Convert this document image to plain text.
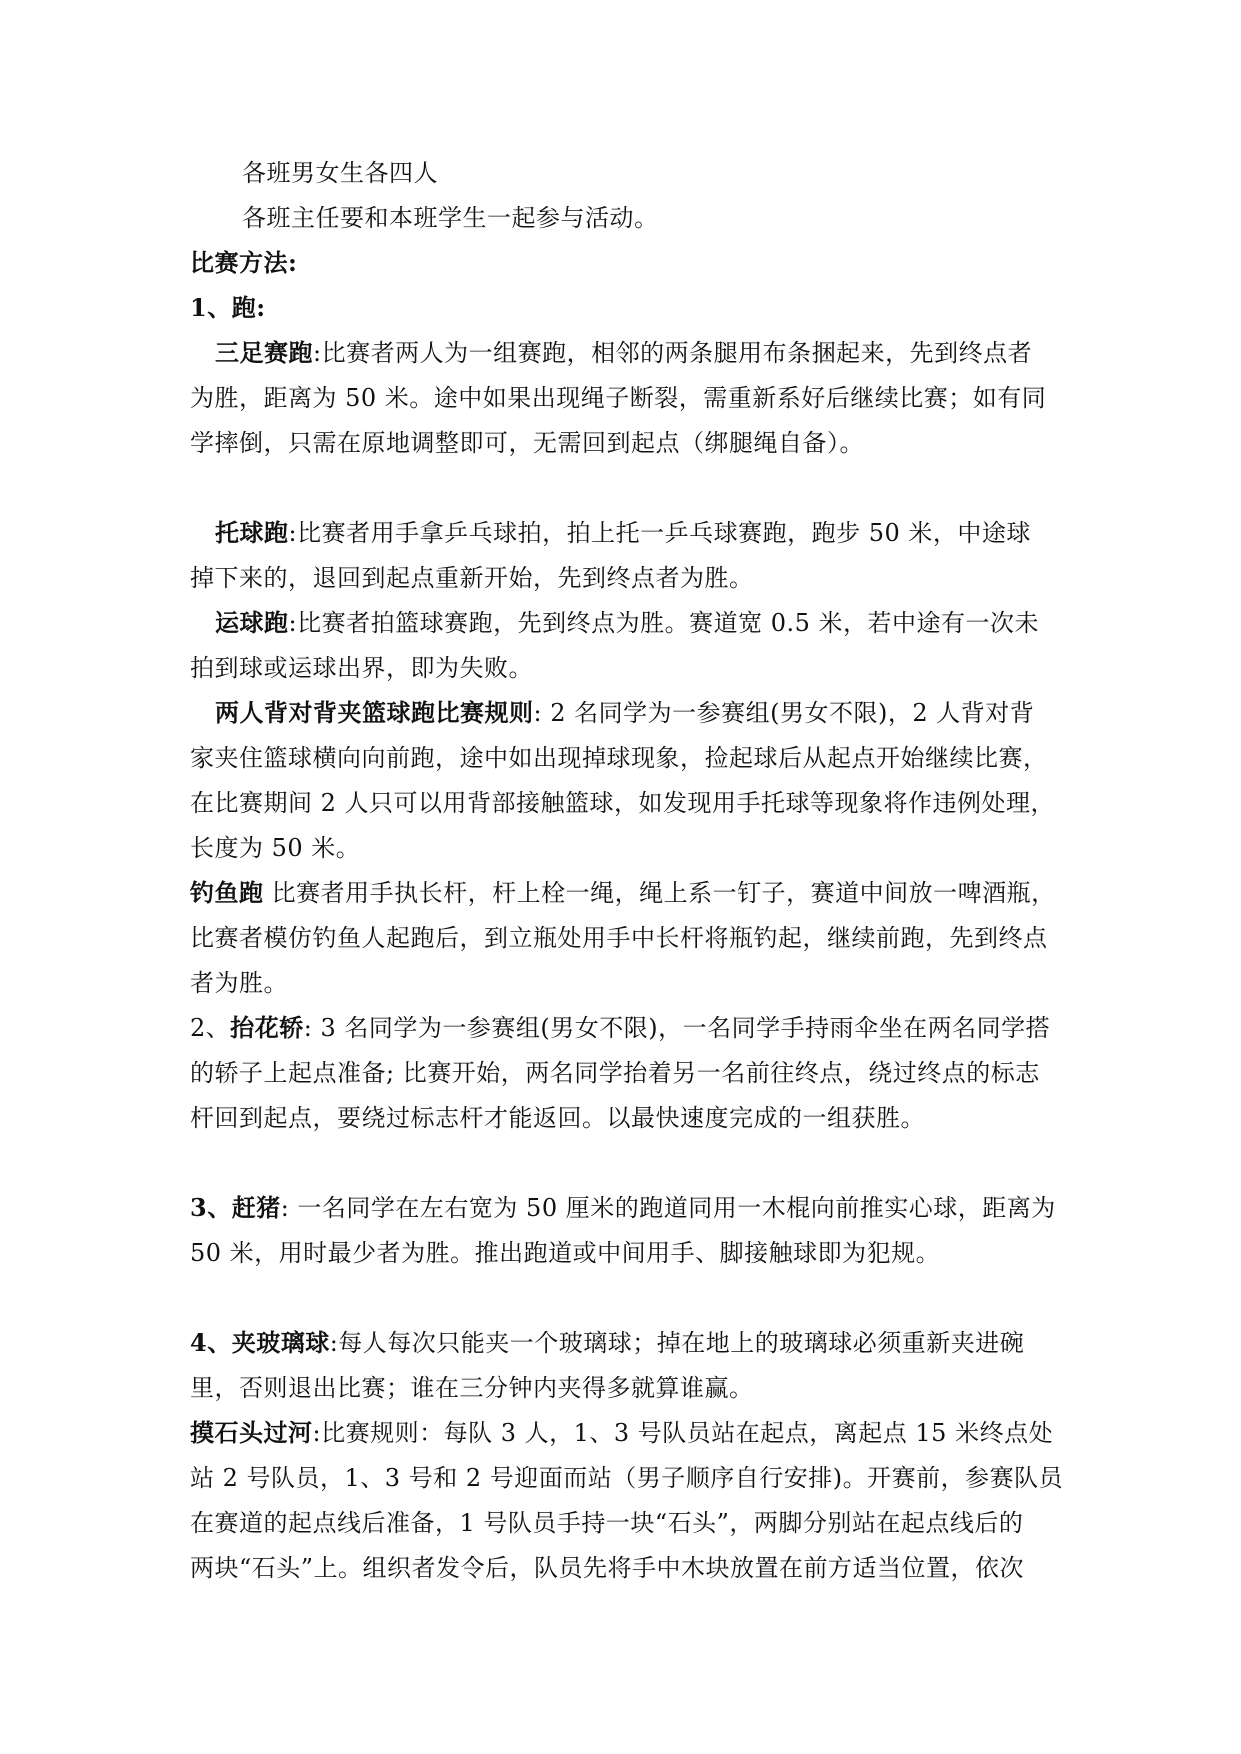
各班男女生各四人
各班主任要和本班学生一起参与活动。
比赛方法:
1、跑:
三足赛跑:比赛者两人为一组赛跑，相邻的两条腿用布条捆起来，先到终点者
为胜，距离为 50 米。途中如果出现绳子断裂，需重新系好后继续比赛；如有同
学摔倒，只需在原地调整即可，无需回到起点（绑腿绳自备）。
托球跑:比赛者用手拿乒乓球拍，拍上托一乒乓球赛跑，跑步 50 米，中途球
掉下来的，退回到起点重新开始，先到终点者为胜。
运球跑:比赛者拍篮球赛跑，先到终点为胜。赛道宽 0.5 米，若中途有一次未
拍到球或运球出界，即为失败。
两人背对背夹篮球跑比赛规则: 2 名同学为一参赛组(男女不限)，2 人背对背
家夹住篮球横向向前跑，途中如出现掉球现象，捡起球后从起点开始继续比赛，
在比赛期间 2 人只可以用背部接触篮球，如发现用手托球等现象将作违例处理，
长度为 50 米。
钓鱼跑 比赛者用手执长杆，杆上栓一绳，绳上系一钉子，赛道中间放一啤酒瓶，
比赛者模仿钓鱼人起跑后，到立瓶处用手中长杆将瓶钓起，继续前跑，先到终点
者为胜。
2、抬花轿: 3 名同学为一参赛组(男女不限)，一名同学手持雨伞坐在两名同学搭
的轿子上起点准备; 比赛开始，两名同学抬着另一名前往终点，绕过终点的标志
杆回到起点，要绕过标志杆才能返回。以最快速度完成的一组获胜。
3、赶猪: 一名同学在左右宽为 50 厘米的跑道同用一木棍向前推实心球，距离为
50 米，用时最少者为胜。推出跑道或中间用手、脚接触球即为犯规。
4、夹玻璃球:每人每次只能夹一个玻璃球；掉在地上的玻璃球必须重新夹进碗
里，否则退出比赛；谁在三分钟内夹得多就算谁赢。
摸石头过河:比赛规则：每队 3 人，1、3 号队员站在起点，离起点 15 米终点处
站 2 号队员，1、3 号和 2 号迎面而站（男子顺序自行安排)。开赛前，参赛队员
在赛道的起点线后准备，1 号队员手持一块“石头”，两脚分别站在起点线后的
两块“石头”上。组织者发令后，队员先将手中木块放置在前方适当位置，依次
